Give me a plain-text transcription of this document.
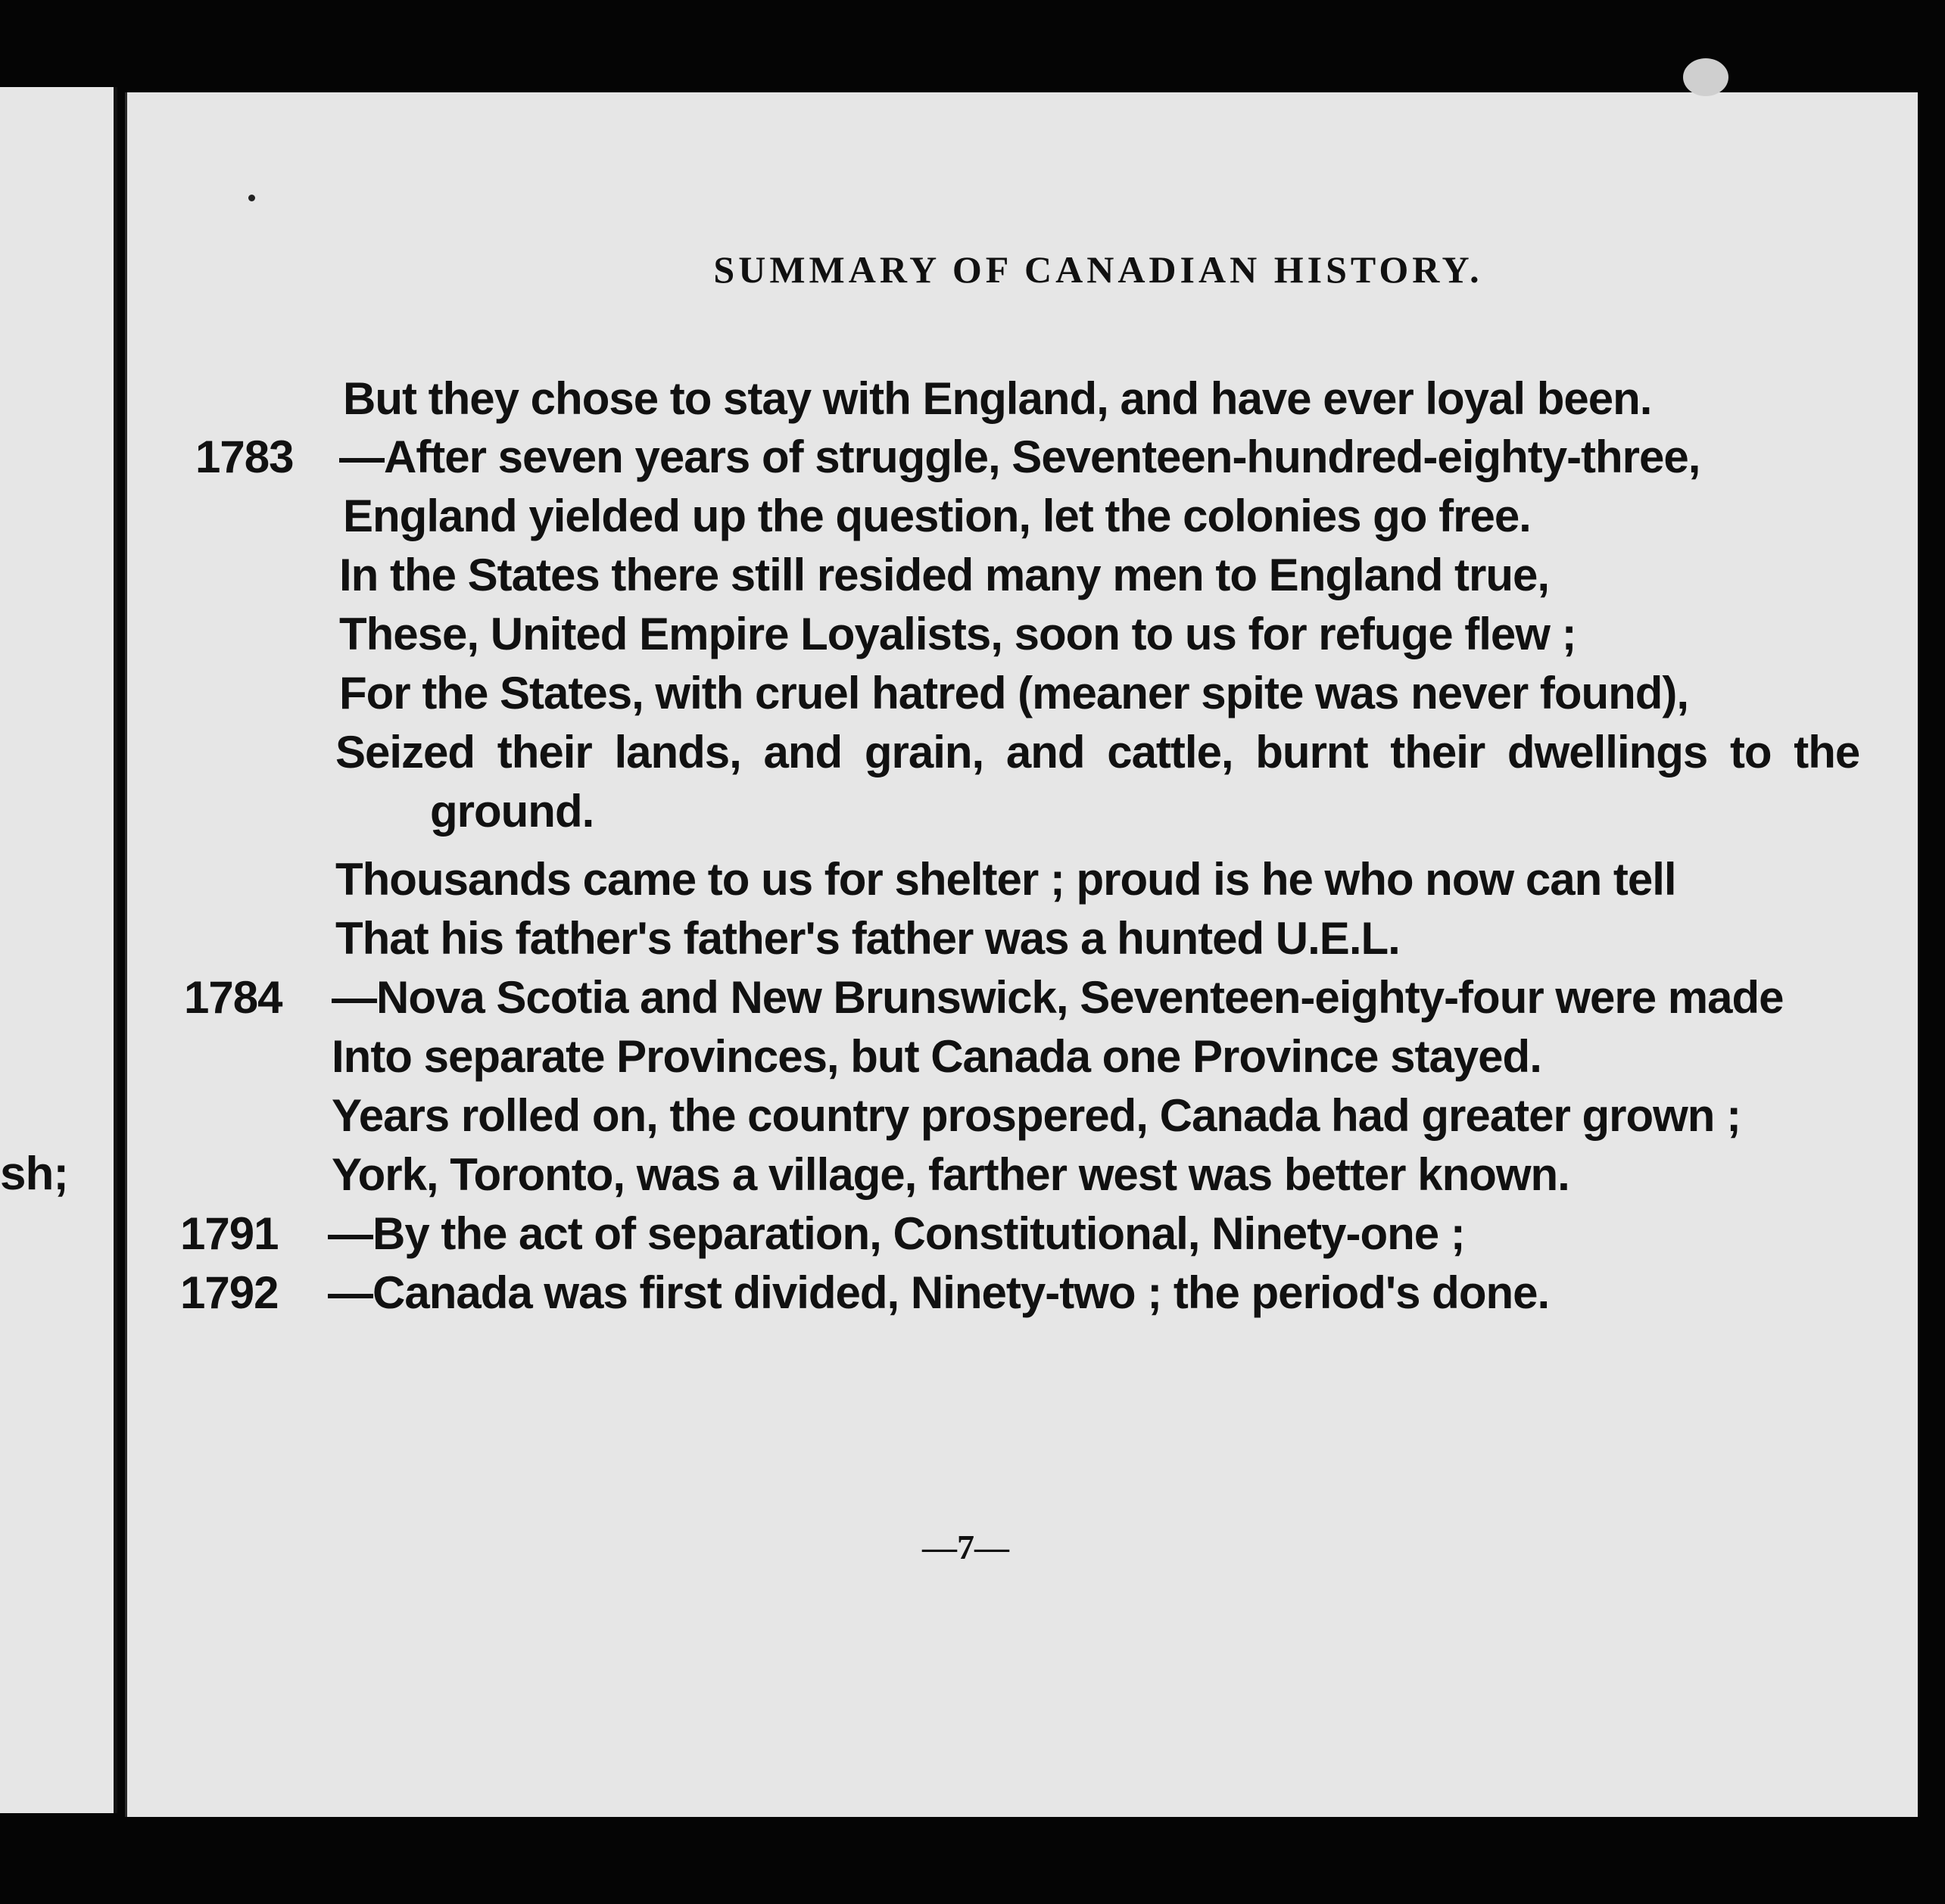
sh;
SUMMARY OF CANADIAN HISTORY.
But they chose to stay with England, and have ever loyal been.
1783 —After seven years of struggle, Seventeen-hundred-eighty-three,
England yielded up the question, let the colonies go free.
In the States there still resided many men to England true,
These, United Empire Loyalists, soon to us for refuge flew ;
For the States, with cruel hatred (meaner spite was never found),
Seized their lands, and grain, and cattle, burnt their dwellings to the
ground.
Thousands came to us for shelter ; proud is he who now can tell
That his father's father's father was a hunted U.E.L.
1784 —Nova Scotia and New Brunswick, Seventeen-eighty-four were made
Into separate Provinces, but Canada one Province stayed.
Years rolled on, the country prospered, Canada had greater grown ;
York, Toronto, was a village, farther west was better known.
1791 —By the act of separation, Constitutional, Ninety-one ;
1792 —Canada was first divided, Ninety-two ; the period's done.
—7—
